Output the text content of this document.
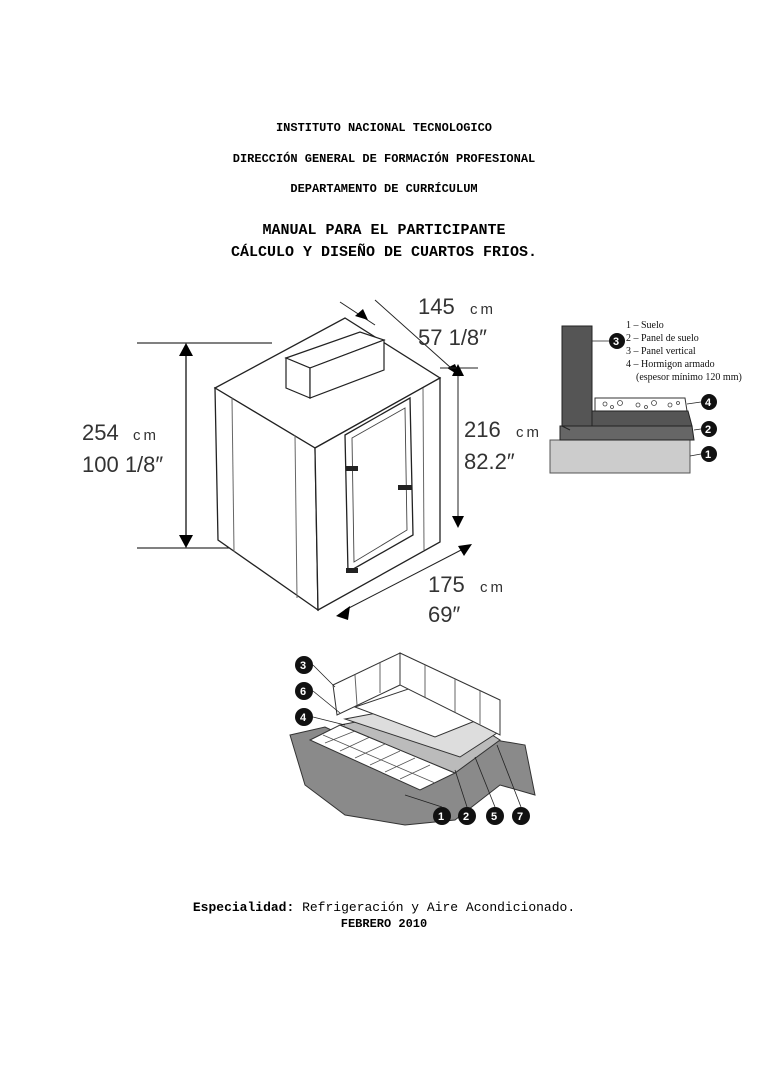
INSTITUTO NACIONAL TECNOLOGICO
DIRECCIÓN GENERAL DE FORMACIÓN PROFESIONAL
DEPARTAMENTO DE CURRÍCULUM
MANUAL PARA EL PARTICIPANTE
CÁLCULO Y DISEÑO DE CUARTOS FRIOS.
145 cm
57 1/8″
254 cm
100 1/8″
216 cm
82.2″
175 cm
69″
3
4
2
1
1 – Suelo
2 – Panel de suelo
3 – Panel vertical
4 – Hormigon armado
(espesor mínimo 120 mm)
3
6
4
1 2 5 7
Especialidad: Refrigeración y Aire Acondicionado.
FEBRERO 2010
